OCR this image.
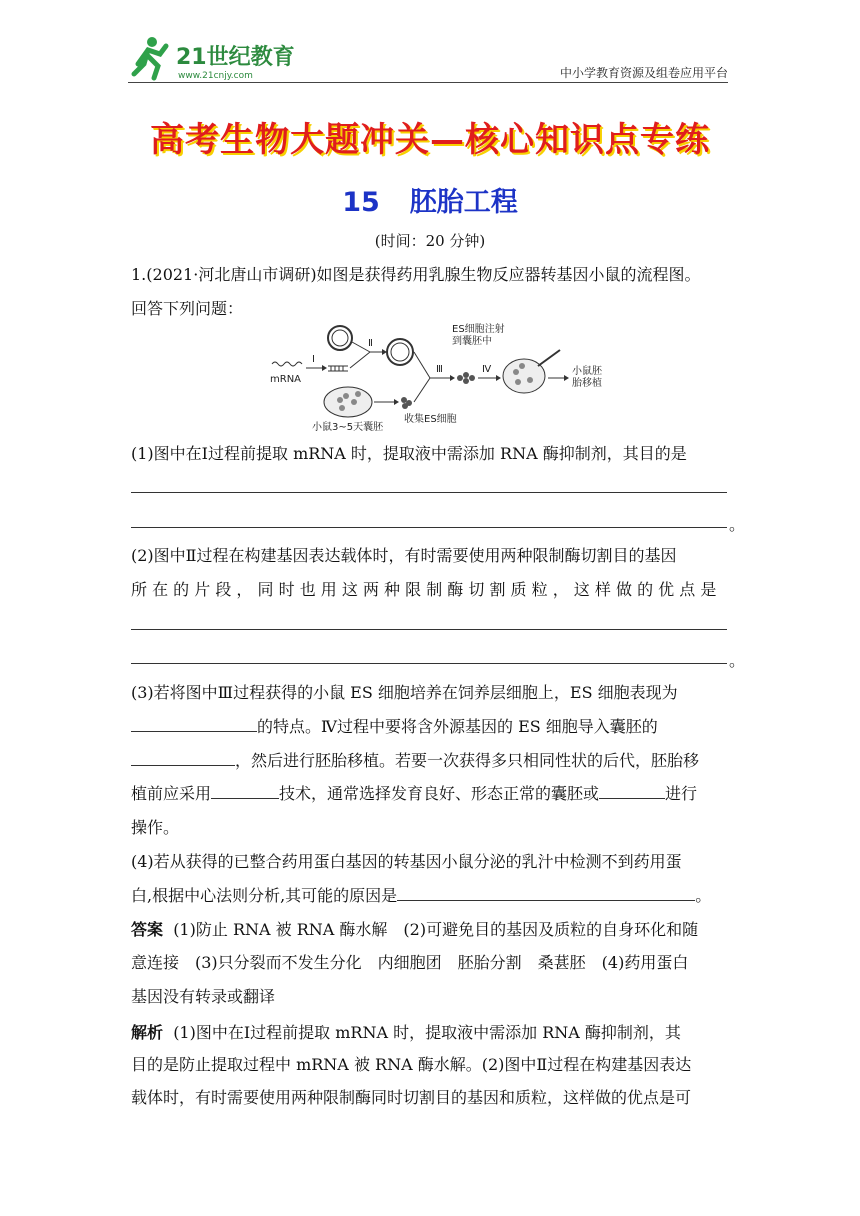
21世纪教育
www.21cnjy.com	中小学教育资源及组卷应用平台
高考生物大题冲关—核心知识点专练
15 胚胎工程
(时间：20 分钟)
1.(2021·河北唐山市调研)如图是获得药用乳腺生物反应器转基因小鼠的流程图。
回答下列问题：
mRNA
Ⅰ
Ⅱ
小鼠3~5天囊胚
收集ES细胞
Ⅲ
ES细胞注射
到囊胚中
Ⅳ	小鼠胚
胎移植
(1)图中在Ⅰ过程前提取 mRNA 时，提取液中需添加 RNA 酶抑制剂，其目的是
。
(2)图中Ⅱ过程在构建基因表达载体时，有时需要使用两种限制酶切割目的基因
所 在 的 片 段 ， 同 时 也 用 这 两 种 限 制 酶 切 割 质 粒 ， 这 样 做 的 优 点 是
。
(3)若将图中Ⅲ过程获得的小鼠 ES 细胞培养在饲养层细胞上，ES 细胞表现为
的特点。Ⅳ过程中要将含外源基因的 ES 细胞导入囊胚的
，然后进行胚胎移植。若要一次获得多只相同性状的后代，胚胎移
植前应采用	技术，通常选择发育良好、形态正常的囊胚或	进行
操作。
(4)若从获得的已整合药用蛋白基因的转基因小鼠分泌的乳汁中检测不到药用蛋
白,根据中心法则分析,其可能的原因是	。
答案 (1)防止 RNA 被 RNA 酶水解　(2)可避免目的基因及质粒的自身环化和随
意连接　(3)只分裂而不发生分化　内细胞团　胚胎分割　桑葚胚　(4)药用蛋白
基因没有转录或翻译
解析 (1)图中在Ⅰ过程前提取 mRNA 时，提取液中需添加 RNA 酶抑制剂，其
目的是防止提取过程中 mRNA 被 RNA 酶水解。(2)图中Ⅱ过程在构建基因表达
载体时，有时需要使用两种限制酶同时切割目的基因和质粒，这样做的优点是可
